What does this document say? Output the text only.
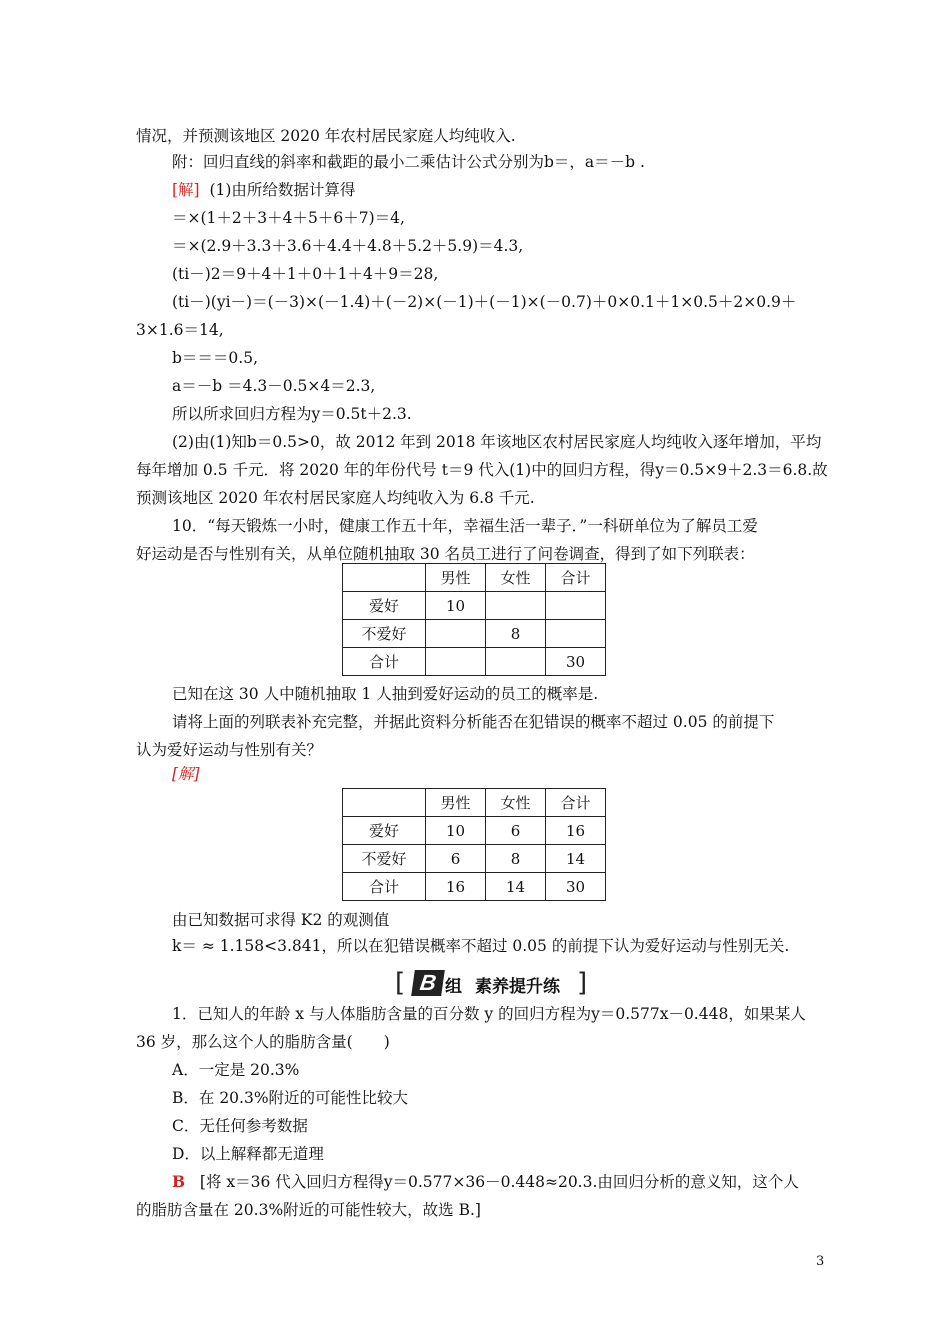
情况，并预测该地区 2020 年农村居民家庭人均纯收入.
附：回归直线的斜率和截距的最小二乘估计公式分别为b＝，a＝－b .
[解] (1)由所给数据计算得
＝×(1＋2＋3＋4＋5＋6＋7)＝4,
＝×(2.9＋3.3＋3.6＋4.4＋4.8＋5.2＋5.9)＝4.3,
(ti－)2＝9＋4＋1＋0＋1＋4＋9＝28,
(ti－)(yi－)＝(－3)×(－1.4)＋(－2)×(－1)＋(－1)×(－0.7)＋0×0.1＋1×0.5＋2×0.9＋
3×1.6＝14,
b＝＝＝0.5,
a＝－b ＝4.3－0.5×4＝2.3,
所以所求回归方程为y＝0.5t＋2.3.
(2)由(1)知b＝0.5>0，故 2012 年到 2018 年该地区农村居民家庭人均纯收入逐年增加，平均
每年增加 0.5 千元．将 2020 年的年份代号 t＝9 代入(1)中的回归方程，得y＝0.5×9＋2.3＝6.8.故
预测该地区 2020 年农村居民家庭人均纯收入为 6.8 千元.
10．“每天锻炼一小时，健康工作五十年，幸福生活一辈子．”一科研单位为了解员工爱
好运动是否与性别有关，从单位随机抽取 30 名员工进行了问卷调查，得到了如下列联表：
	男性	女性	合计
爱好	10		
不爱好		8	
合计			30
已知在这 30 人中随机抽取 1 人抽到爱好运动的员工的概率是.
请将上面的列联表补充完整，并据此资料分析能否在犯错误的概率不超过 0.05 的前提下
认为爱好运动与性别有关？
[解]
	男性	女性	合计
爱好	10	6	16
不爱好	6	8	14
合计	16	14	30
由已知数据可求得 K2 的观测值
k＝ ≈ 1.158<3.841，所以在犯错误概率不超过 0.05 的前提下认为爱好运动与性别无关.
[ B 组 素养提升练 ]
1．已知人的年龄 x 与人体脂肪含量的百分数 y 的回归方程为y＝0.577x－0.448，如果某人
36 岁，那么这个人的脂肪含量(　　)
A．一定是 20.3%
B．在 20.3%附近的可能性比较大
C．无任何参考数据
D．以上解释都无道理
B [将 x＝36 代入回归方程得y＝0.577×36－0.448≈20.3.由回归分析的意义知，这个人
的脂肪含量在 20.3%附近的可能性较大，故选 B.]
3
